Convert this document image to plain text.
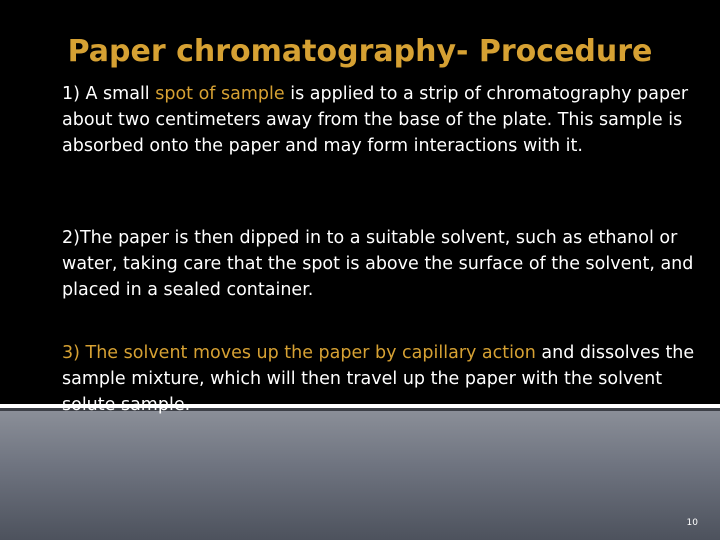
Paper chromatography- Procedure
1) A small spot of sample is applied to a strip of chromatography paper about two centimeters away from the base of the plate. This sample is absorbed onto the paper and may form interactions with it.
2)The paper is then dipped in to a suitable solvent, such as ethanol or water, taking care that the spot is above the surface of the solvent, and placed in a sealed container.
3) The solvent moves up the paper by capillary action and dissolves the sample mixture, which will then travel up the paper with the solvent solute sample.
10
